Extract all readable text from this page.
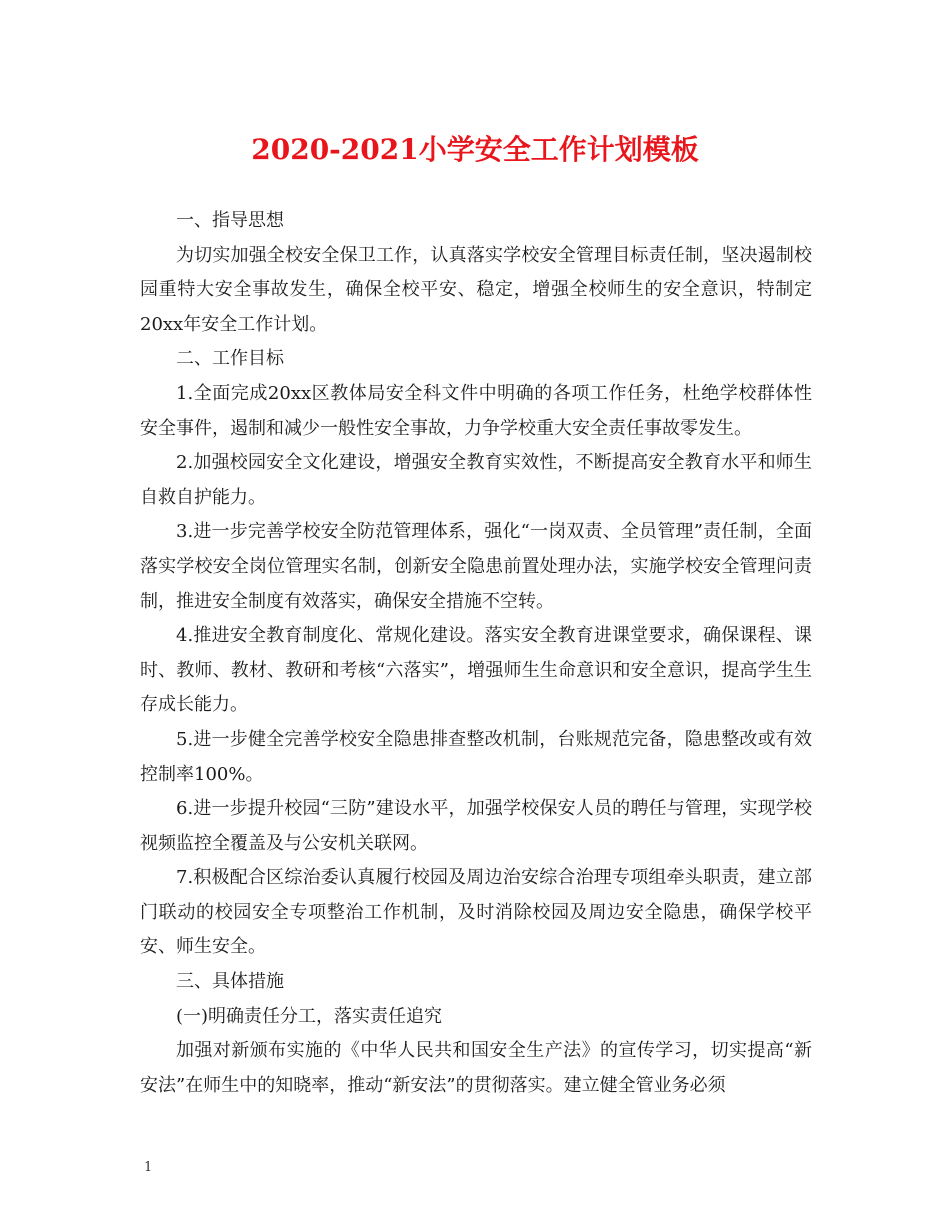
2020-2021小学安全工作计划模板

一、指导思想

为切实加强全校安全保卫工作，认真落实学校安全管理目标责任制，坚决遏制校园重特大安全事故发生，确保全校平安、稳定，增强全校师生的安全意识，特制定20xx年安全工作计划。

二、工作目标

1.全面完成20xx区教体局安全科文件中明确的各项工作任务，杜绝学校群体性安全事件，遏制和减少一般性安全事故，力争学校重大安全责任事故零发生。

2.加强校园安全文化建设，增强安全教育实效性，不断提高安全教育水平和师生自救自护能力。

3.进一步完善学校安全防范管理体系，强化“一岗双责、全员管理”责任制，全面落实学校安全岗位管理实名制，创新安全隐患前置处理办法，实施学校安全管理问责制，推进安全制度有效落实，确保安全措施不空转。

4.推进安全教育制度化、常规化建设。落实安全教育进课堂要求，确保课程、课时、教师、教材、教研和考核“六落实”，增强师生生命意识和安全意识，提高学生生存成长能力。

5.进一步健全完善学校安全隐患排查整改机制，台账规范完备，隐患整改或有效控制率100%。

6.进一步提升校园“三防”建设水平，加强学校保安人员的聘任与管理，实现学校视频监控全覆盖及与公安机关联网。

7.积极配合区综治委认真履行校园及周边治安综合治理专项组牵头职责，建立部门联动的校园安全专项整治工作机制，及时消除校园及周边安全隐患，确保学校平安、师生安全。

三、具体措施

(一)明确责任分工，落实责任追究

加强对新颁布实施的《中华人民共和国安全生产法》的宣传学习，切实提高“新安法”在师生中的知晓率，推动“新安法”的贯彻落实。建立健全管业务必须

1
